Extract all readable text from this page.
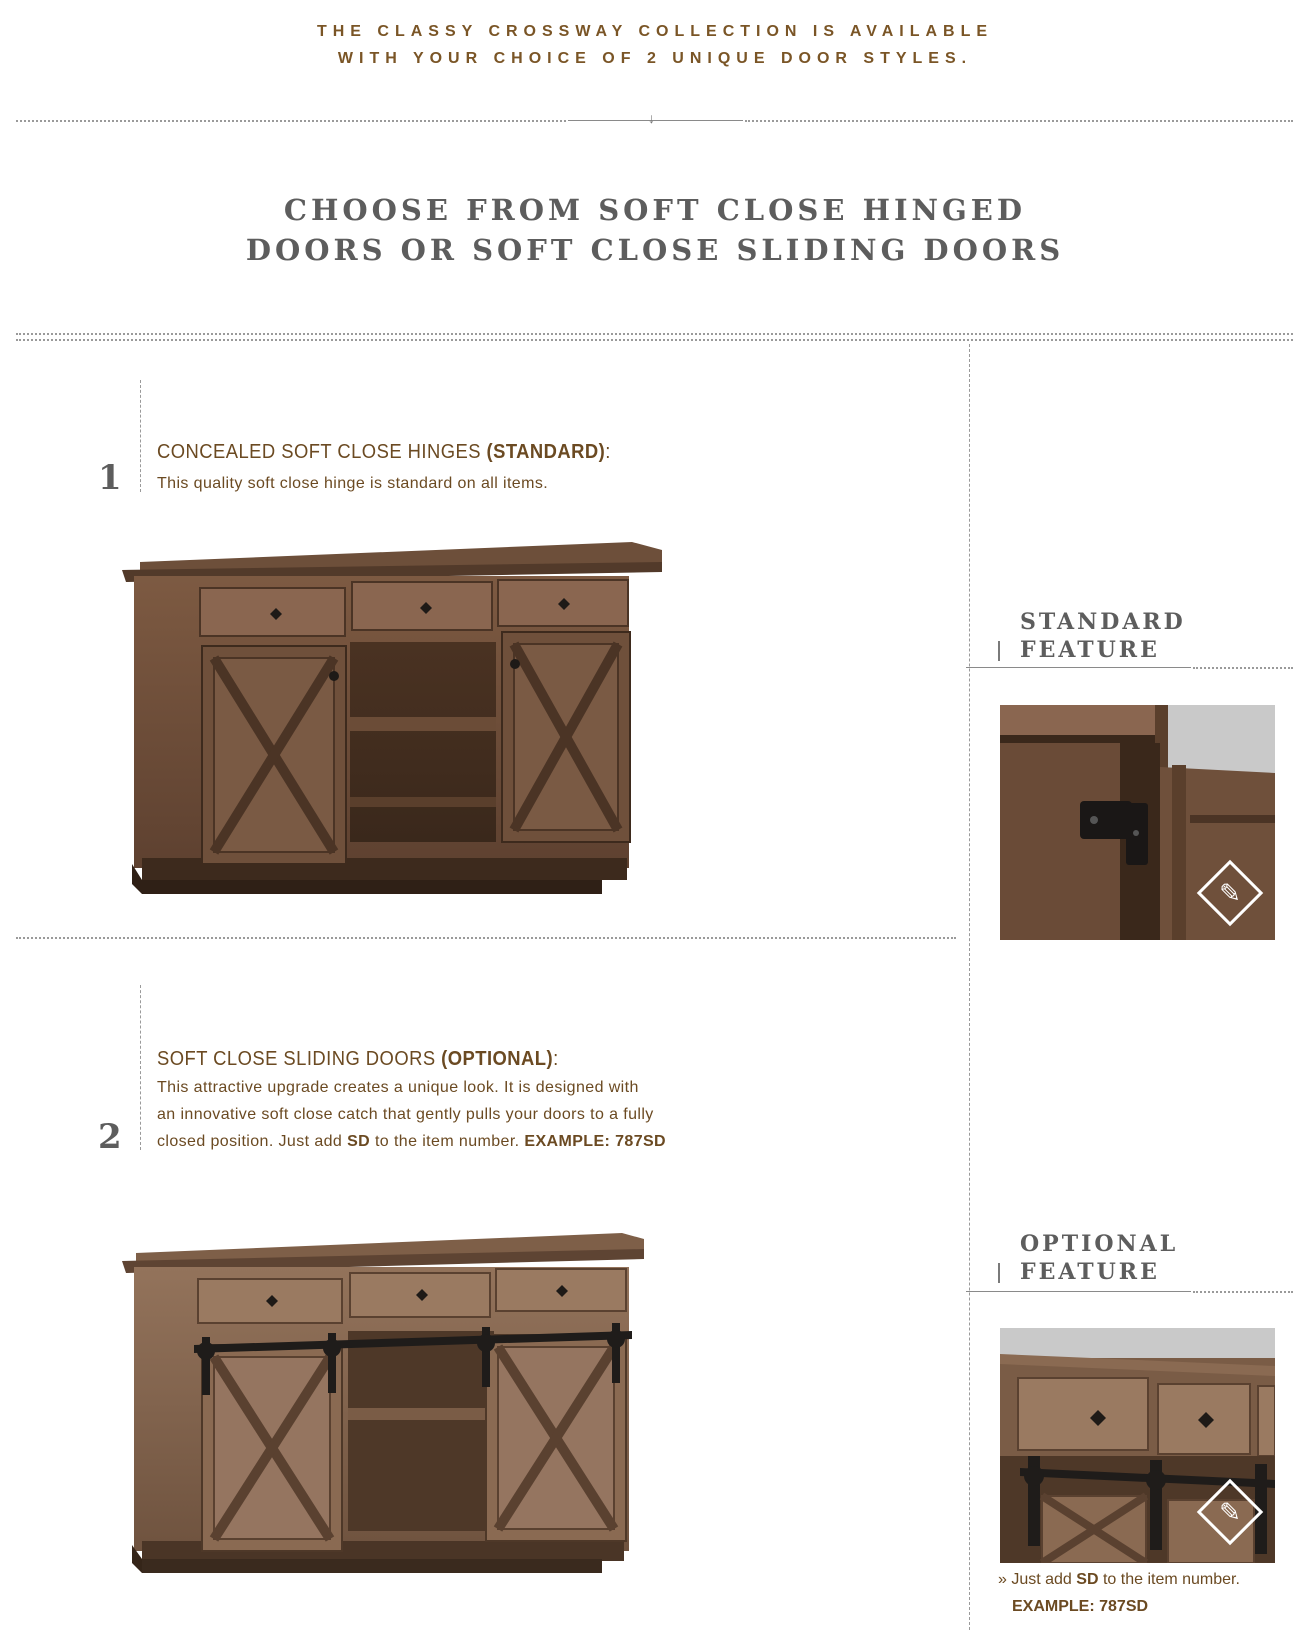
THE CLASSY CROSSWAY COLLECTION IS AVAILABLE
WITH YOUR CHOICE OF 2 UNIQUE DOOR STYLES.
↓
CHOOSE FROM SOFT CLOSE HINGED
DOORS OR SOFT CLOSE SLIDING DOORS
1
CONCEALED SOFT CLOSE HINGES (STANDARD):
This quality soft close hinge is standard on all items.
STANDARD
FEATURE
✎
2
SOFT CLOSE SLIDING DOORS (OPTIONAL):
This attractive upgrade creates a unique look. It is designed with
an innovative soft close catch that gently pulls your doors to a fully
closed position. Just add SD to the item number. EXAMPLE: 787SD
OPTIONAL
FEATURE
✎
» Just add SD to the item number.
EXAMPLE: 787SD
